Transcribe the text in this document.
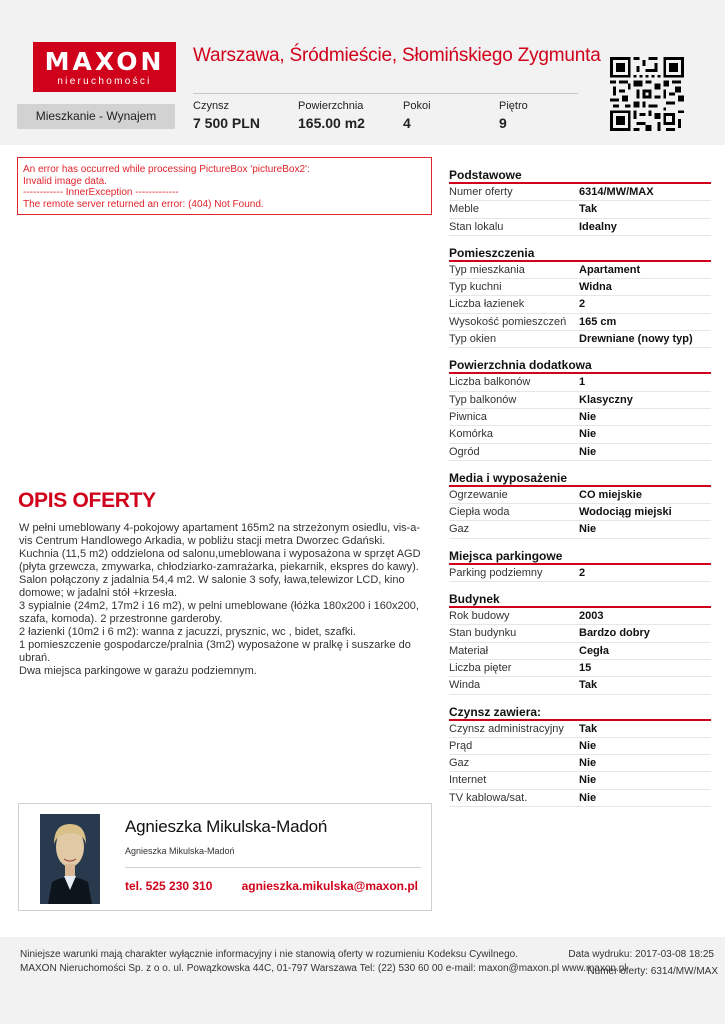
MAXON
nieruchomości
Warszawa, Śródmieście, Słomińskiego Zygmunta
Mieszkanie - Wynajem
Czynsz
7 500 PLN
Powierzchnia
165.00 m2
Pokoi
4
Piętro
9
An error has occurred while processing PictureBox 'pictureBox2':
Invalid image data.
------------ InnerException -------------
The remote server returned an error: (404) Not Found.
OPIS OFERTY

W pełni umeblowany 4-pokojowy apartament 165m2 na strzeżonym osiedlu, vis-a-vis Centrum Handlowego Arkadia, w pobliżu stacji metra Dworzec Gdański.

Kuchnia (11,5 m2) oddzielona od salonu,umeblowana i wyposażona w sprzęt AGD (płyta grzewcza, zmywarka, chłodziarko-zamrażarka, piekarnik, ekspres do kawy).

Salon połączony z jadalnia 54,4 m2. W salonie 3 sofy, ława,telewizor LCD, kino domowe; w jadalni stół +krzesła.

3 sypialnie (24m2, 17m2 i 16 m2), w pelni umeblowane (łóżka 180x200 i 160x200, szafa, komoda). 2 przestronne garderoby.

2 łazienki (10m2 i 6 m2): wanna z jacuzzi, prysznic, wc , bidet, szafki.

1 pomieszczenie gospodarcze/pralnia (3m2) wyposażone w pralkę i suszarke do ubrań.

Dwa miejsca parkingowe w garażu podziemnym.

Agnieszka Mikulska-Madoń
Agnieszka Mikulska-Madoń
tel. 525 230 310 agnieszka.mikulska@maxon.pl
Podstawowe
Numer oferty	6314/MW/MAX
Meble	Tak
Stan lokalu	Idealny
Pomieszczenia
Typ mieszkania	Apartament
Typ kuchni	Widna
Liczba łazienek	2
Wysokość pomieszczeń	165 cm
Typ okien	Drewniane (nowy typ)
Powierzchnia dodatkowa
Liczba balkonów	1
Typ balkonów	Klasyczny
Piwnica	Nie
Komórka	Nie
Ogród	Nie
Media i wyposażenie
Ogrzewanie	CO miejskie
Ciepła woda	Wodociąg miejski
Gaz	Nie
Miejsca parkingowe
Parking podziemny	2
Budynek
Rok budowy	2003
Stan budynku	Bardzo dobry
Materiał	Cegła
Liczba pięter	15
Winda	Tak
Czynsz zawiera:
Czynsz administracyjny	Tak
Prąd	Nie
Gaz	Nie
Internet	Nie
TV kablowa/sat.	Nie
Niniejsze warunki mają charakter wyłącznie informacyjny i nie stanowią oferty w rozumieniu Kodeksu Cywilnego.
MAXON Nieruchomości Sp. z o o. ul. Powązkowska 44C, 01-797 Warszawa Tel: (22) 530 60 00 e-mail: maxon@maxon.pl www.maxon.pl
Data wydruku: 2017-03-08 18:25
Numer oferty: 6314/MW/MAX
